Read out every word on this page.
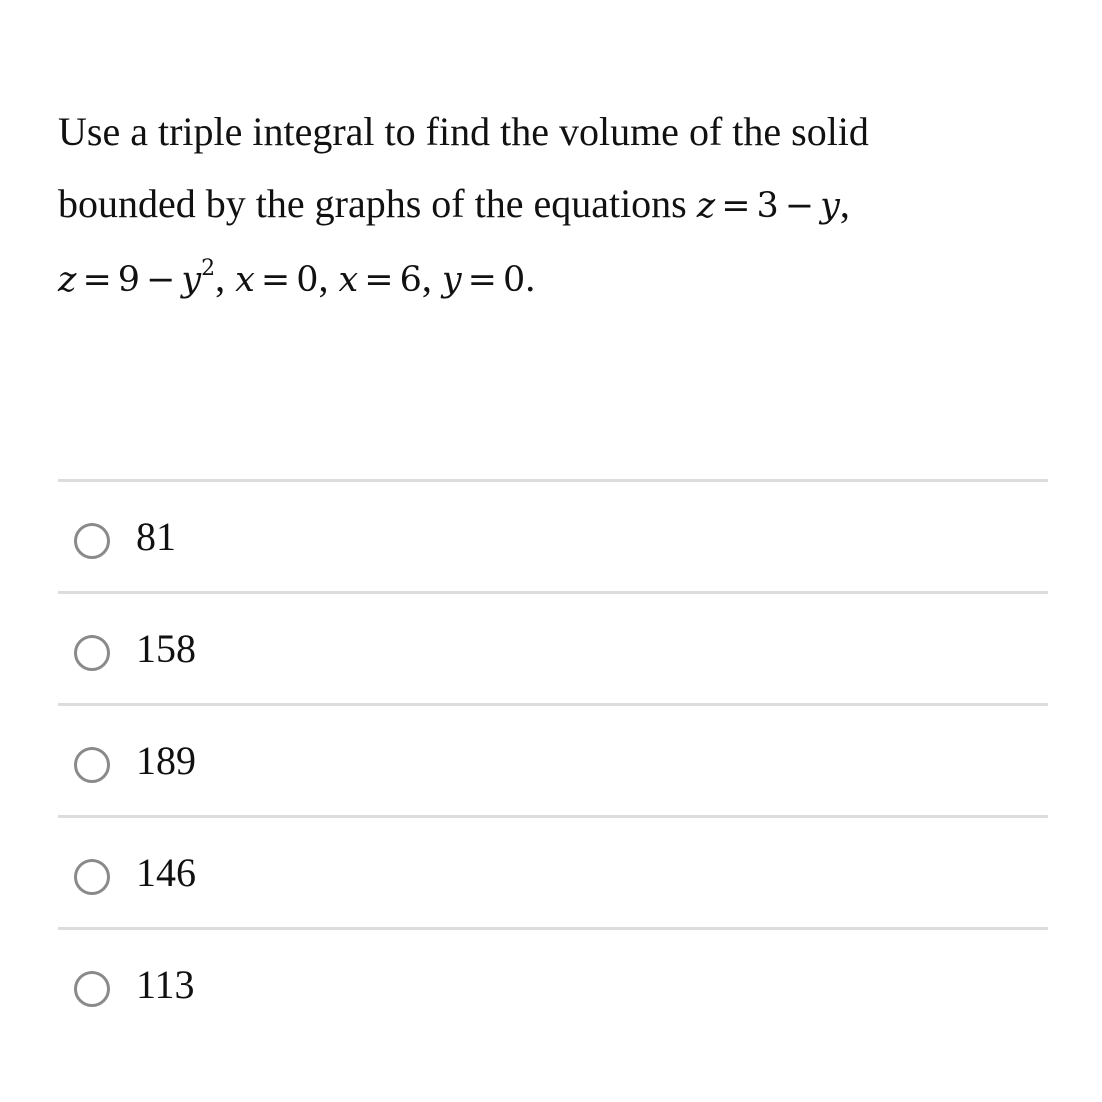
Use a triple integral to find the volume of the solid
bounded by the graphs of the equations z = 3 − y,
$z = 9 - y^2$, x = 0, x = 6, y = 0.
81
158
189
146
113
